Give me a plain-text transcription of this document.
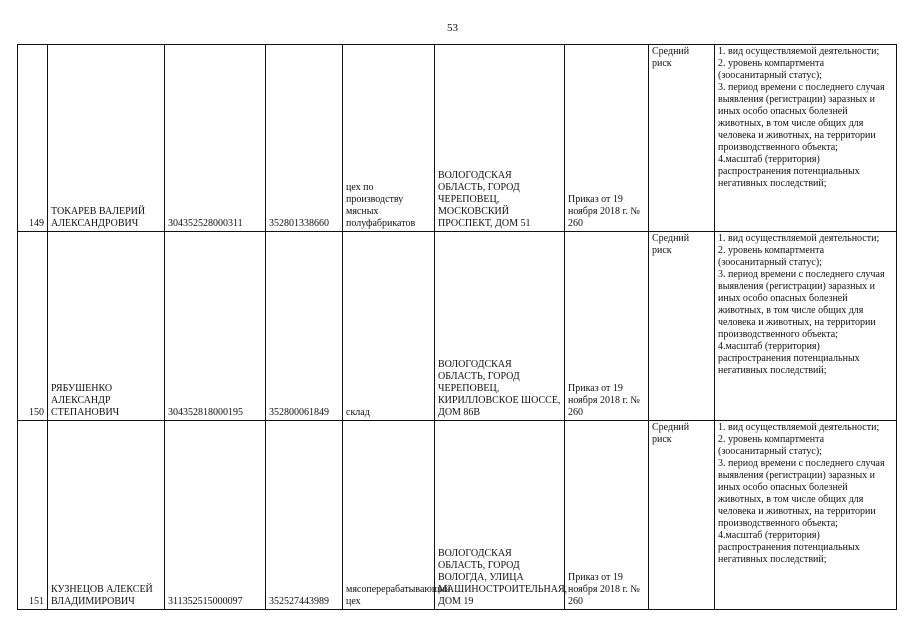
53
149	ТОКАРЕВ ВАЛЕРИЙ АЛЕКСАНДРОВИЧ	304352528000311	352801338660	цех по производству мясных полуфабрикатов	ВОЛОГОДСКАЯ ОБЛАСТЬ, ГОРОД ЧЕРЕПОВЕЦ, МОСКОВСКИЙ ПРОСПЕКТ, ДОМ 51	Приказ от 19 ноября 2018 г. № 260	Средний риск	1. вид осуществляемой деятельности;
2. уровень компартмента (зоосанитарный статус);
3. период времени с последнего случая выявления (регистрации) заразных и иных особо опасных болезней животных, в том числе общих для человека и животных, на территории производственного объекта;
4.масштаб (территория) распространения потенциальных негативных последствий;

150	РЯБУШЕНКО АЛЕКСАНДР СТЕПАНОВИЧ	304352818000195	352800061849	склад	ВОЛОГОДСКАЯ ОБЛАСТЬ, ГОРОД ЧЕРЕПОВЕЦ, КИРИЛЛОВСКОЕ ШОССЕ, ДОМ 86В	Приказ от 19 ноября 2018 г. № 260	Средний риск	1. вид осуществляемой деятельности;
2. уровень компартмента (зоосанитарный статус);
3. период времени с последнего случая выявления (регистрации) заразных и иных особо опасных болезней животных, в том числе общих для человека и животных, на территории производственного объекта;
4.масштаб (территория) распространения потенциальных негативных последствий;

151	КУЗНЕЦОВ АЛЕКСЕЙ ВЛАДИМИРОВИЧ	311352515000097	352527443989	мясоперерабатывающий цех	ВОЛОГОДСКАЯ ОБЛАСТЬ, ГОРОД ВОЛОГДА, УЛИЦА МАШИНОСТРОИТЕЛЬНАЯ, ДОМ 19	Приказ от 19 ноября 2018 г. № 260	Средний риск	1. вид осуществляемой деятельности;
2. уровень компартмента (зоосанитарный статус);
3. период времени с последнего случая выявления (регистрации) заразных и иных особо опасных болезней животных, в том числе общих для человека и животных, на территории производственного объекта;
4.масштаб (территория) распространения потенциальных негативных последствий;
